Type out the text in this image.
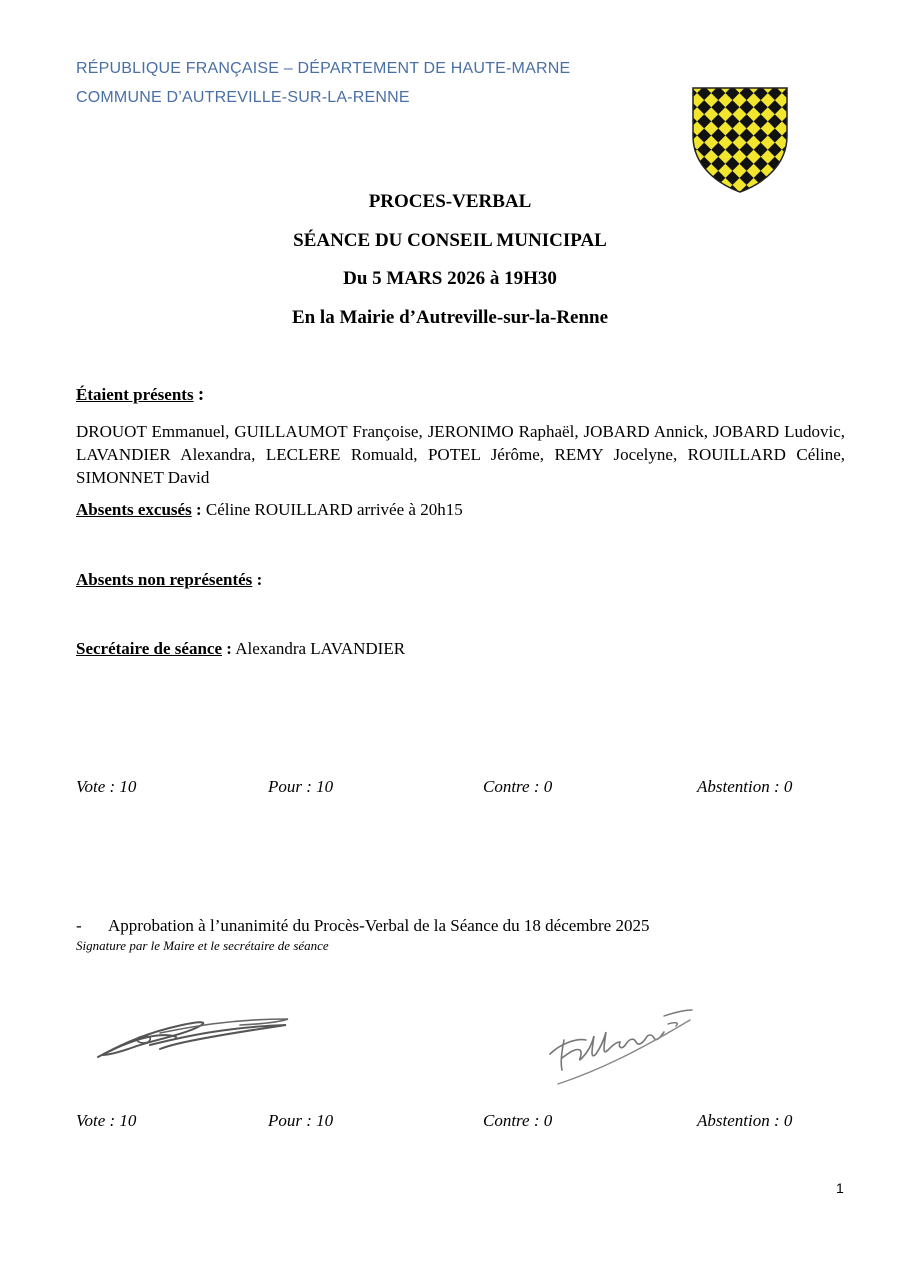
RÉPUBLIQUE FRANÇAISE – DÉPARTEMENT DE HAUTE-MARNE
COMMUNE D’AUTREVILLE-SUR-LA-RENNE
PROCES-VERBAL
SÉANCE DU CONSEIL MUNICIPAL
Du 5 MARS 2026 à 19H30
En la Mairie d’Autreville-sur-la-Renne
Étaient présents :
DROUOT Emmanuel, GUILLAUMOT Françoise, JERONIMO Raphaël, JOBARD Annick, JOBARD Ludovic, LAVANDIER Alexandra, LECLERE Romuald, POTEL Jérôme, REMY Jocelyne, ROUILLARD Céline, SIMONNET David
Absents excusés : Céline ROUILLARD arrivée à 20h15
Absents non représentés :
Secrétaire de séance : Alexandra LAVANDIER
Vote : 10	Pour : 10	Contre : 0	Abstention : 0
- Approbation à l’unanimité du Procès-Verbal de la Séance du 18 décembre 2025
Signature par le Maire et le secrétaire de séance
Vote : 10	Pour : 10	Contre : 0	Abstention : 0
1
